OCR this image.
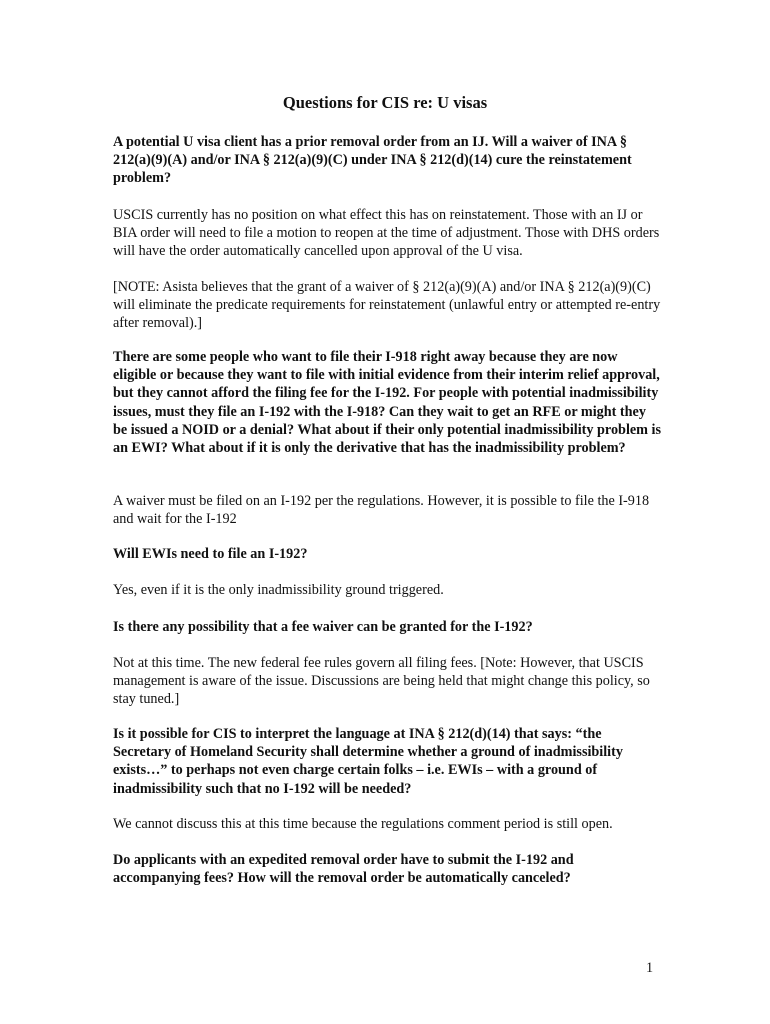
Questions for CIS re: U visas
A potential U visa client has a prior removal order from an IJ. Will a waiver of INA § 212(a)(9)(A) and/or INA § 212(a)(9)(C) under INA § 212(d)(14) cure the reinstatement problem?
USCIS currently has no position on what effect this has on reinstatement. Those with an IJ or BIA order will need to file a motion to reopen at the time of adjustment. Those with DHS orders will have the order automatically cancelled upon approval of the U visa.
[NOTE: Asista believes that the grant of a waiver of § 212(a)(9)(A) and/or INA § 212(a)(9)(C) will eliminate the predicate requirements for reinstatement (unlawful entry or attempted re-entry after removal).]
There are some people who want to file their I-918 right away because they are now eligible or because they want to file with initial evidence from their interim relief approval, but they cannot afford the filing fee for the I-192. For people with potential inadmissibility issues, must they file an I-192 with the I-918? Can they wait to get an RFE or might they be issued a NOID or a denial? What about if their only potential inadmissibility problem is an EWI? What about if it is only the derivative that has the inadmissibility problem?
A waiver must be filed on an I-192 per the regulations. However, it is possible to file the I-918 and wait for the I-192
Will EWIs need to file an I-192?
Yes, even if it is the only inadmissibility ground triggered.
Is there any possibility that a fee waiver can be granted for the I-192?
Not at this time. The new federal fee rules govern all filing fees. [Note: However, that USCIS management is aware of the issue. Discussions are being held that might change this policy, so stay tuned.]
Is it possible for CIS to interpret the language at INA § 212(d)(14) that says: “the Secretary of Homeland Security shall determine whether a ground of inadmissibility exists…” to perhaps not even charge certain folks – i.e. EWIs – with a ground of inadmissibility such that no I-192 will be needed?
We cannot discuss this at this time because the regulations comment period is still open.
Do applicants with an expedited removal order have to submit the I-192 and accompanying fees? How will the removal order be automatically canceled?
1
